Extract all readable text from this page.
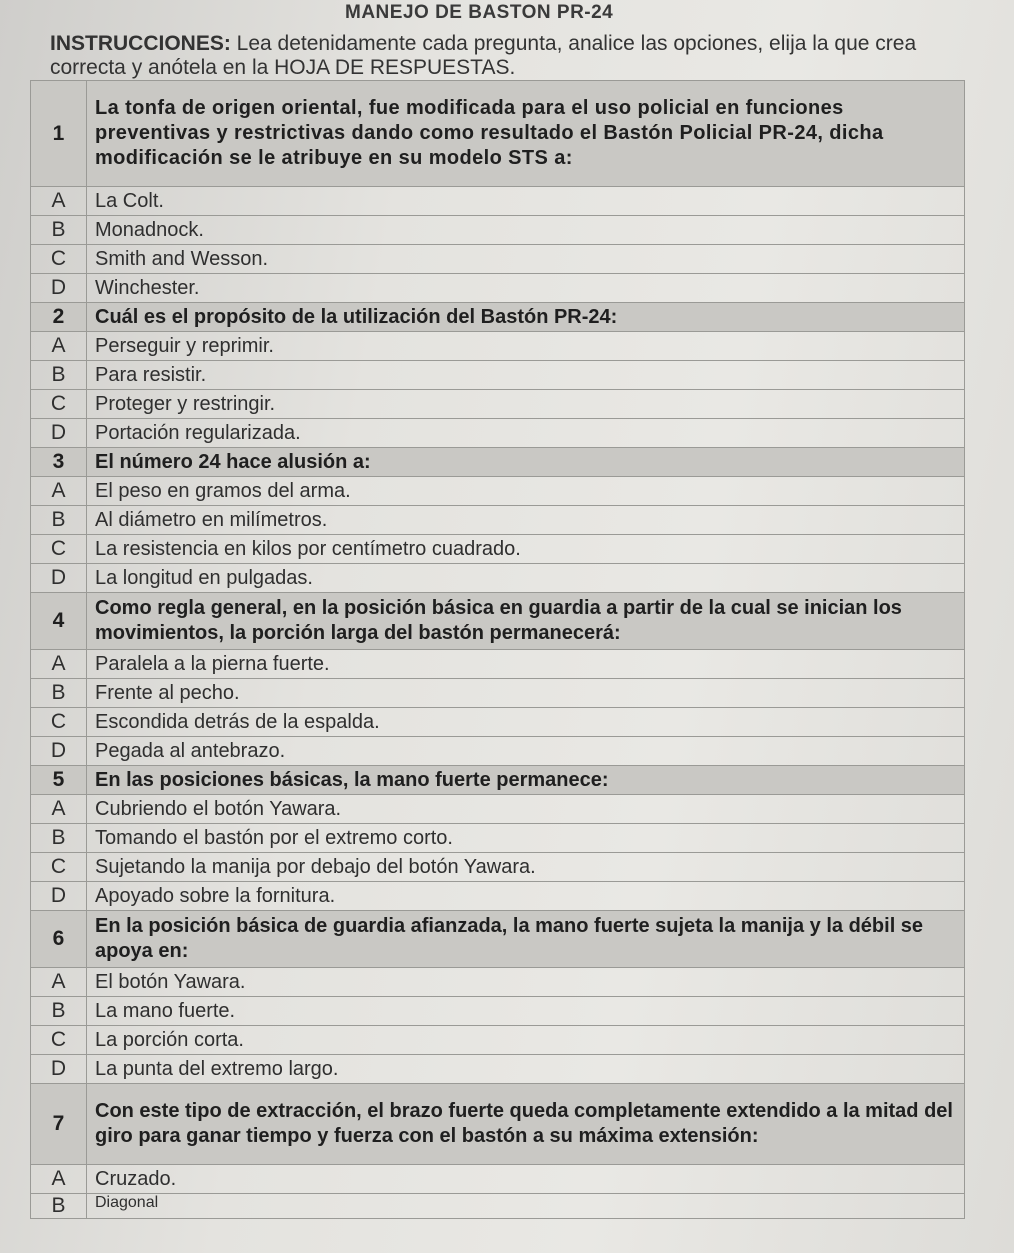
MANEJO DE BASTON PR-24
INSTRUCCIONES: Lea detenidamente cada pregunta, analice las opciones, elija la que crea correcta y anótela en la HOJA DE RESPUESTAS.
1	La tonfa de origen oriental, fue modificada para el uso policial en funciones preventivas y restrictivas dando como resultado el Bastón Policial PR-24, dicha modificación se le atribuye en su modelo STS a:
A	La Colt.
B	Monadnock.
C	Smith and Wesson.
D	Winchester.
2	Cuál es el propósito de la utilización del Bastón PR-24:
A	Perseguir y reprimir.
B	Para resistir.
C	Proteger y restringir.
D	Portación regularizada.
3	El número 24 hace alusión a:
A	El peso en gramos del arma.
B	Al diámetro en milímetros.
C	La resistencia en kilos por centímetro cuadrado.
D	La longitud en pulgadas.
4	Como regla general, en la posición básica en guardia a partir de la cual se inician los movimientos, la porción larga del bastón permanecerá:
A	Paralela a la pierna fuerte.
B	Frente al pecho.
C	Escondida detrás de la espalda.
D	Pegada al antebrazo.
5	En las posiciones básicas, la mano fuerte permanece:
A	Cubriendo el botón Yawara.
B	Tomando el bastón por el extremo corto.
C	Sujetando la manija por debajo del botón Yawara.
D	Apoyado sobre la fornitura.
6	En la posición básica de guardia afianzada, la mano fuerte sujeta la manija y la débil se apoya en:
A	El botón Yawara.
B	La mano fuerte.
C	La porción corta.
D	La punta del extremo largo.
7	Con este tipo de extracción, el brazo fuerte queda completamente extendido a la mitad del giro para ganar tiempo y fuerza con el bastón a su máxima extensión:
A	Cruzado.
B	Diagonal
